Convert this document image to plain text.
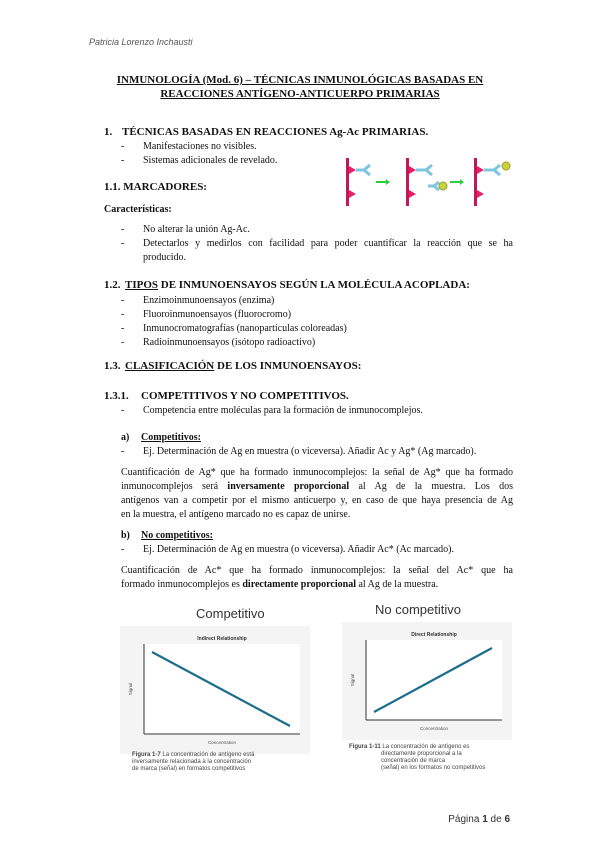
Patricia Lorenzo Inchausti
INMUNOLOGÍA (Mod. 6) – TÉCNICAS INMUNOLÓGICAS BASADAS EN
REACCIONES ANTÍGENO-ANTICUERPO PRIMARIAS
1. TÉCNICAS BASADAS EN REACCIONES Ag-Ac PRIMARIAS.
- Manifestaciones no visibles.
- Sistemas adicionales de revelado.
1.1. MARCADORES:
Características:
- No alterar la unión Ag-Ac.
- Detectarlos y medirlos con facilidad para poder cuantificar la reacción que se ha
producido.
1.2. TIPOS DE INMUNOENSAYOS SEGÚN LA MOLÉCULA ACOPLADA:
- Enzimoinmunoensayos (enzima)
- Fluoroinmunoensayos (fluorocromo)
- Inmunocromatografías (nanopartículas coloreadas)
- Radioinmunoensayos (isótopo radioactivo)
1.3. CLASIFICACIÓN DE LOS INMUNOENSAYOS:
1.3.1. COMPETITIVOS Y NO COMPETITIVOS.
- Competencia entre moléculas para la formación de inmunocomplejos.
a) Competitivos:
- Ej. Determinación de Ag en muestra (o viceversa). Añadir Ac y Ag* (Ag marcado).
Cuantificación de Ag* que ha formado inmunocomplejos: la señal de Ag* que ha formado
inmunocomplejos será inversamente proporcional al Ag de la muestra. Los dos
antígenos van a competir por el mismo anticuerpo y, en caso de que haya presencia de Ag
en la muestra, el antígeno marcado no es capaz de unirse.
b) No competitivos:
- Ej. Determinación de Ag en muestra (o viceversa). Añadir Ac* (Ac marcado).
Cuantificación de Ac* que ha formado inmunocomplejos: la señal del Ac* que ha
formado inmunocomplejos es directamente proporcional al Ag de la muestra.
Competitivo	No competitivo
Indirect Relationship
Concentration
Signal
Direct Relationship
Concentration
Signal
Figura 1-7 La concentración de antígeno está
inversamente relacionada a la concentración
de marca (señal) en formatos competitivos
Figura 1-11 La concentración de antígeno es
directamente proporcional a la
concentración de marca
(señal) en los formatos no competitivos
Página 1 de 6
